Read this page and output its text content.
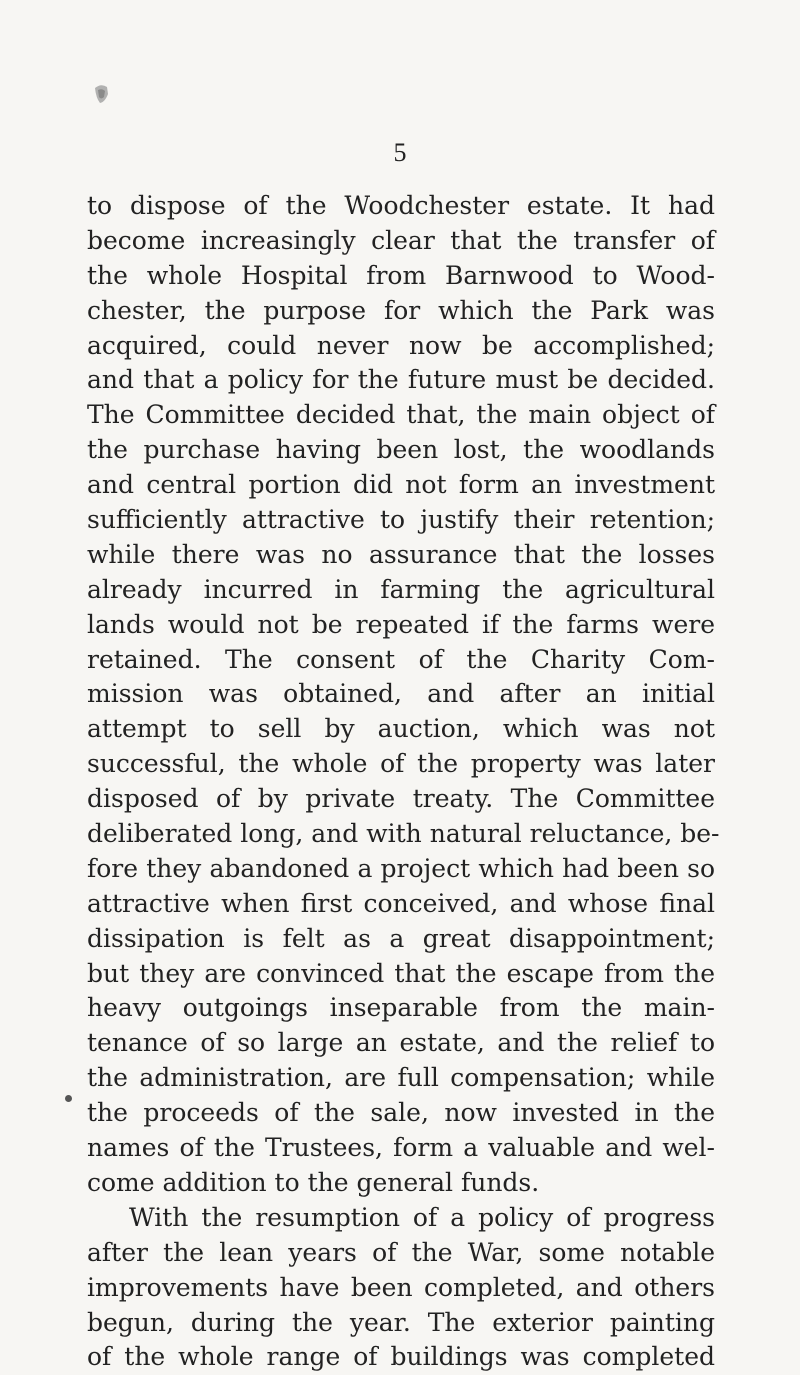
5
to dispose of the Woodchester estate. It had
become increasingly clear that the transfer of
the whole Hospital from Barnwood to Wood-
chester, the purpose for which the Park was
acquired, could never now be accomplished;
and that a policy for the future must be decided.
The Committee decided that, the main object of
the purchase having been lost, the woodlands
and central portion did not form an investment
sufficiently attractive to justify their retention;
while there was no assurance that the losses
already incurred in farming the agricultural
lands would not be repeated if the farms were
retained. The consent of the Charity Com-
mission was obtained, and after an initial
attempt to sell by auction, which was not
successful, the whole of the property was later
disposed of by private treaty. The Committee
deliberated long, and with natural reluctance, be-
fore they abandoned a project which had been so
attractive when first conceived, and whose final
dissipation is felt as a great disappointment;
but they are convinced that the escape from the
heavy outgoings inseparable from the main-
tenance of so large an estate, and the relief to
the administration, are full compensation; while
the proceeds of the sale, now invested in the
names of the Trustees, form a valuable and wel-
come addition to the general funds.
With the resumption of a policy of progress
after the lean years of the War, some notable
improvements have been completed, and others
begun, during the year. The exterior painting
of the whole range of buildings was completed
